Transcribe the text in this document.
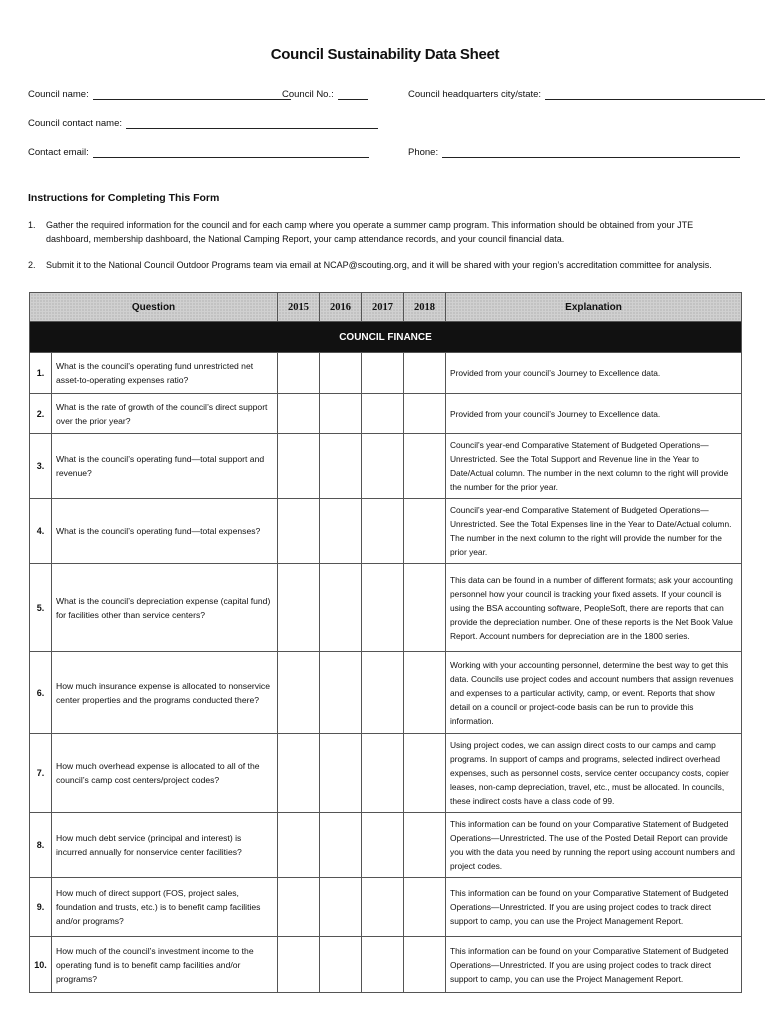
Council Sustainability Data Sheet
Council name:	Council No.:	Council headquarters city/state:
Council contact name:
Contact email:	Phone:
Instructions for Completing This Form
1. Gather the required information for the council and for each camp where you operate a summer camp program. This information should be obtained from your JTE dashboard, membership dashboard, the National Camping Report, your camp attendance records, and your council financial data.
2. Submit it to the National Council Outdoor Programs team via email at NCAP@scouting.org, and it will be shared with your region’s accreditation committee for analysis.
Question		2015	2016	2017	2018	Explanation
COUNCIL FINANCE						
1.	What is the council’s operating fund unrestricted net asset-to-operating expenses ratio?					Provided from your council’s Journey to Excellence data.
2.	What is the rate of growth of the council’s direct support over the prior year?					Provided from your council’s Journey to Excellence data.
3.	What is the council’s operating fund—total support and revenue?					Council’s year-end Comparative Statement of Budgeted Operations—Unrestricted. See the Total Support and Revenue line in the Year to Date/Actual column. The number in the next column to the right will provide the number for the prior year.
4.	What is the council’s operating fund—total expenses?					Council’s year-end Comparative Statement of Budgeted Operations—Unrestricted. See the Total Expenses line in the Year to Date/Actual column. The number in the next column to the right will provide the number for the prior year.
5.	What is the council’s depreciation expense (capital fund) for facilities other than service centers?					This data can be found in a number of different formats; ask your accounting personnel how your council is tracking your fixed assets. If your council is using the BSA accounting software, PeopleSoft, there are reports that can provide the depreciation number. One of these reports is the Net Book Value Report. Account numbers for depreciation are in the 1800 series.
6.	How much insurance expense is allocated to nonservice center properties and the programs conducted there?					Working with your accounting personnel, determine the best way to get this data. Councils use project codes and account numbers that assign revenues and expenses to a particular activity, camp, or event. Reports that show detail on a council or project-code basis can be run to provide this information.
7.	How much overhead expense is allocated to all of the council’s camp cost centers/project codes?					Using project codes, we can assign direct costs to our camps and camp programs. In support of camps and programs, selected indirect overhead expenses, such as personnel costs, service center occupancy costs, copier leases, non-camp depreciation, travel, etc., must be allocated. In councils, these indirect costs have a class code of 99.
8.	How much debt service (principal and interest) is incurred annually for nonservice center facilities?					This information can be found on your Comparative Statement of Budgeted Operations—Unrestricted. The use of the Posted Detail Report can provide you with the data you need by running the report using account numbers and project codes.
9.	How much of direct support (FOS, project sales, foundation and trusts, etc.) is to benefit camp facilities and/or programs?					This information can be found on your Comparative Statement of Budgeted Operations—Unrestricted. If you are using project codes to track direct support to camp, you can use the Project Management Report.
10.	How much of the council’s investment income to the operating fund is to benefit camp facilities and/or programs?					This information can be found on your Comparative Statement of Budgeted Operations—Unrestricted. If you are using project codes to track direct support to camp, you can use the Project Management Report.
